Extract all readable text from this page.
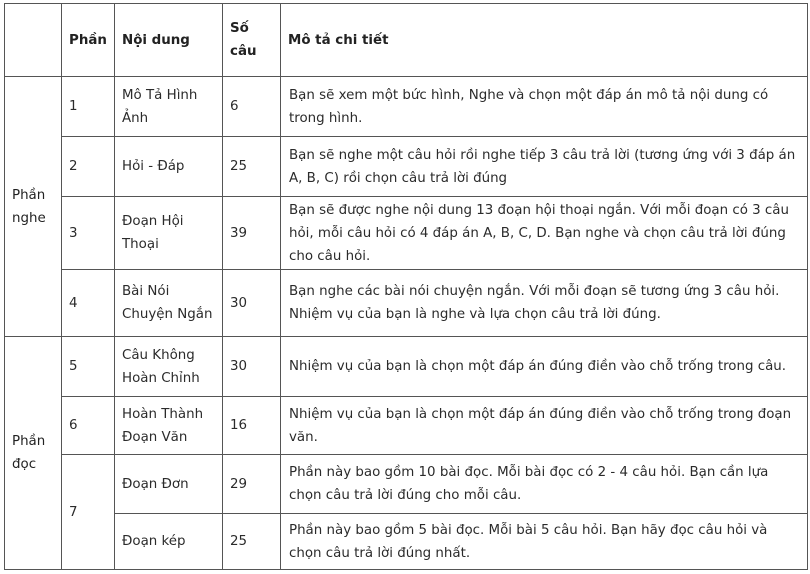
	Phần	Nội dung	Số câu	Mô tả chi tiết
Phần nghe	1	Mô Tả Hình Ảnh	6	Bạn sẽ xem một bức hình, Nghe và chọn một đáp án mô tả nội dung có trong hình.
	2	Hỏi - Đáp	25	Bạn sẽ nghe một câu hỏi rồi nghe tiếp 3 câu trả lời (tương ứng với 3 đáp án A, B, C) rồi chọn câu trả lời đúng
	3	Đoạn Hội Thoại	39	Bạn sẽ được nghe nội dung 13 đoạn hội thoại ngắn. Với mỗi đoạn có 3 câu hỏi, mỗi câu hỏi có 4 đáp án A, B, C, D. Bạn nghe và chọn câu trả lời đúng cho câu hỏi.
	4	Bài Nói Chuyện Ngắn	30	Bạn nghe các bài nói chuyện ngắn. Với mỗi đoạn sẽ tương ứng 3 câu hỏi. Nhiệm vụ của bạn là nghe và lựa chọn câu trả lời đúng.
Phần đọc	5	Câu Không Hoàn Chỉnh	30	Nhiệm vụ của bạn là chọn một đáp án đúng điền vào chỗ trống trong câu.
	6	Hoàn Thành Đoạn Văn	16	Nhiệm vụ của bạn là chọn một đáp án đúng điền vào chỗ trống trong đoạn văn.
	7	Đoạn Đơn	29	Phần này bao gồm 10 bài đọc. Mỗi bài đọc có 2 - 4 câu hỏi. Bạn cần lựa chọn câu trả lời đúng cho mỗi câu.
		Đoạn kép	25	Phần này bao gồm 5 bài đọc. Mỗi bài 5 câu hỏi. Bạn hãy đọc câu hỏi và chọn câu trả lời đúng nhất.
